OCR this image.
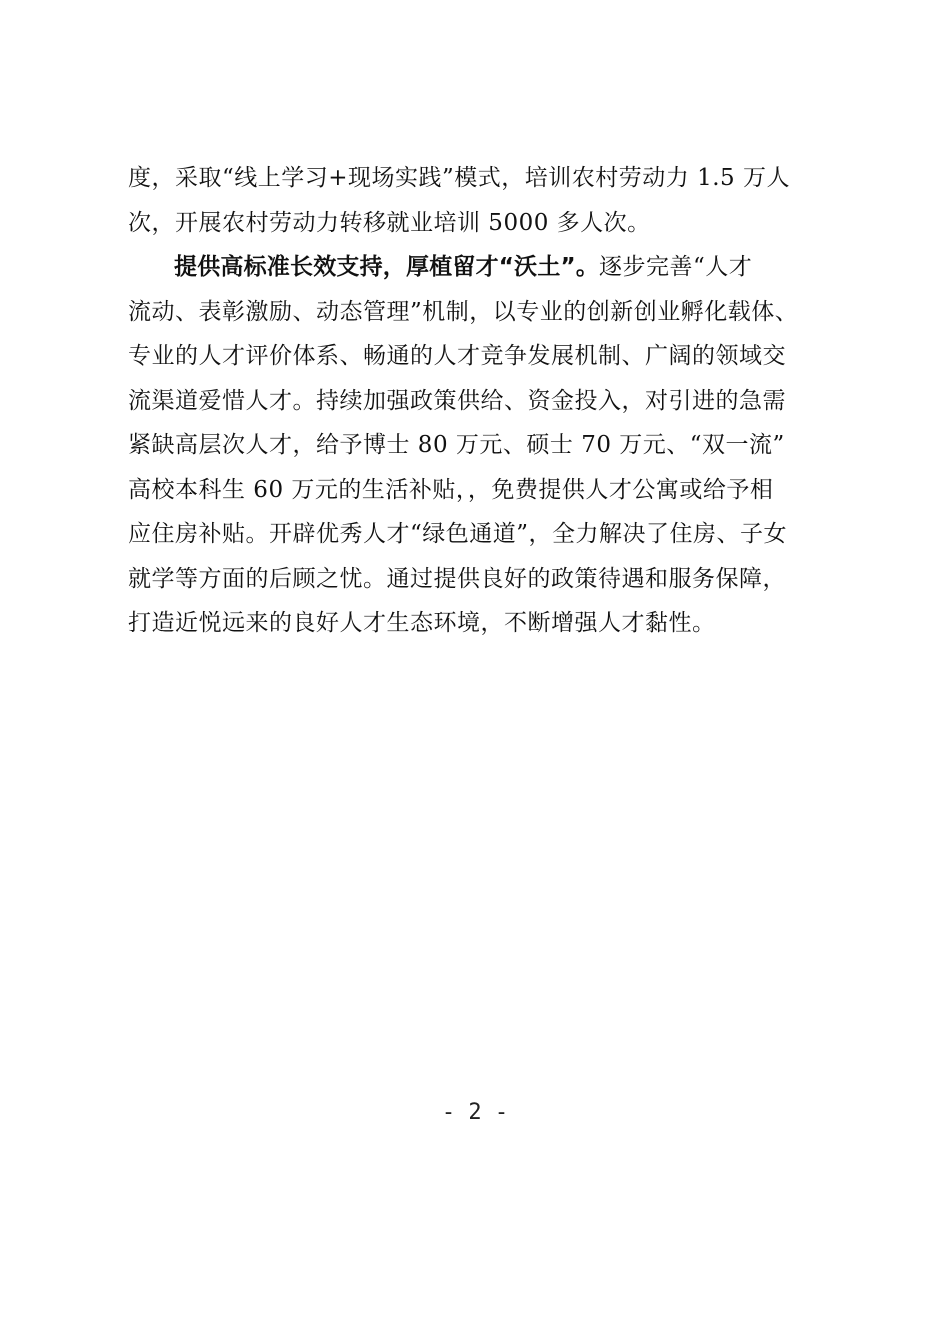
度，采取“线上学习+现场实践”模式，培训农村劳动力 1.5 万人
次，开展农村劳动力转移就业培训 5000 多人次。
提供高标准长效支持，厚植留才“沃土”。逐步完善“人才
流动、表彰激励、动态管理”机制，以专业的创新创业孵化载体、
专业的人才评价体系、畅通的人才竞争发展机制、广阔的领域交
流渠道爱惜人才。持续加强政策供给、资金投入，对引进的急需
紧缺高层次人才，给予博士 80 万元、硕士 70 万元、“双一流”
高校本科生 60 万元的生活补贴，，免费提供人才公寓或给予相
应住房补贴。开辟优秀人才“绿色通道”，全力解决了住房、子女
就学等方面的后顾之忧。通过提供良好的政策待遇和服务保障，
打造近悦远来的良好人才生态环境，不断增强人才黏性。
- 2 -
